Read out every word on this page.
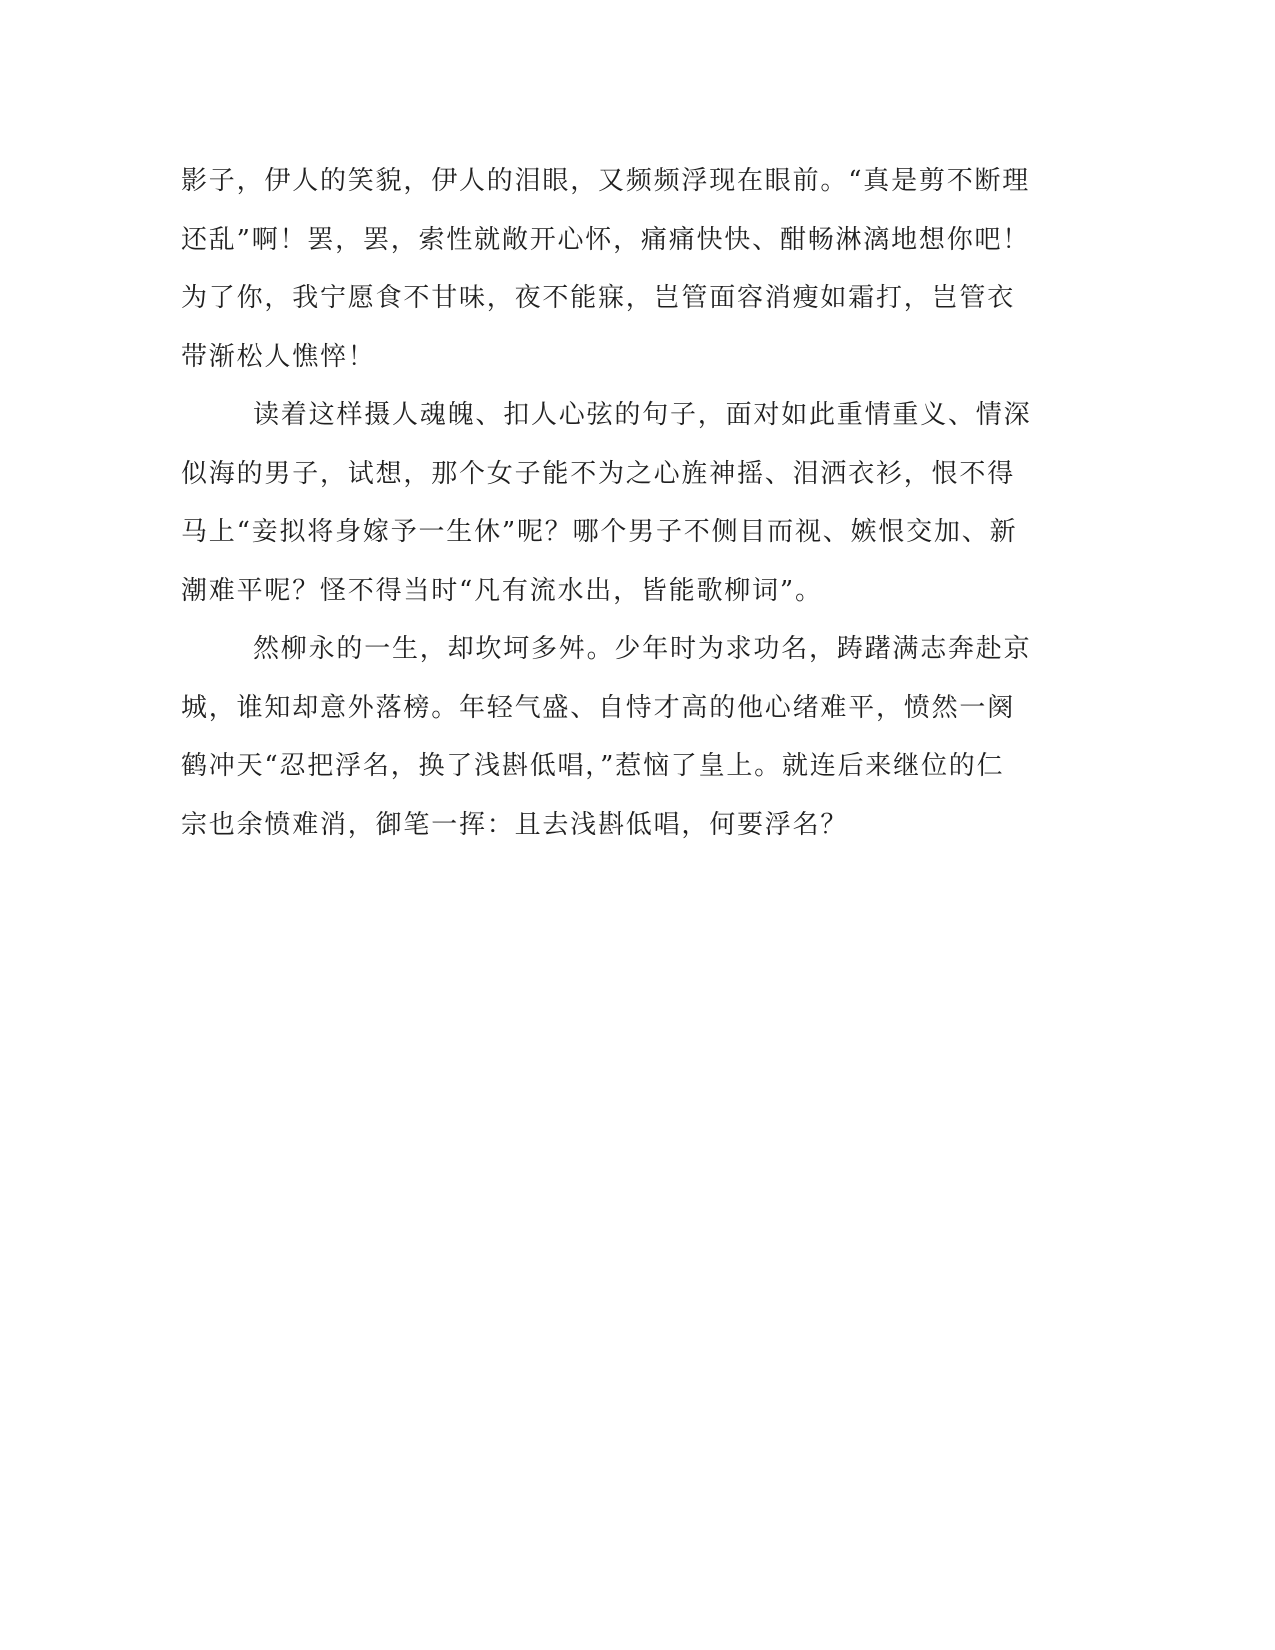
影子，伊人的笑貌，伊人的泪眼，又频频浮现在眼前。“真是剪不断理
还乱”啊！罢，罢，索性就敞开心怀，痛痛快快、酣畅淋漓地想你吧！
为了你，我宁愿食不甘味，夜不能寐，岂管面容消瘦如霜打，岂管衣
带渐松人憔悴！

读着这样摄人魂魄、扣人心弦的句子，面对如此重情重义、情深
似海的男子，试想，那个女子能不为之心旌神摇、泪洒衣衫，恨不得
马上“妾拟将身嫁予一生休”呢？哪个男子不侧目而视、嫉恨交加、新
潮难平呢？怪不得当时“凡有流水出，皆能歌柳词”。

然柳永的一生，却坎坷多舛。少年时为求功名，踌躇满志奔赴京
城，谁知却意外落榜。年轻气盛、自恃才高的他心绪难平，愤然一阕
鹤冲天“忍把浮名，换了浅斟低唱，”惹恼了皇上。就连后来继位的仁
宗也余愤难消，御笔一挥：且去浅斟低唱，何要浮名？
